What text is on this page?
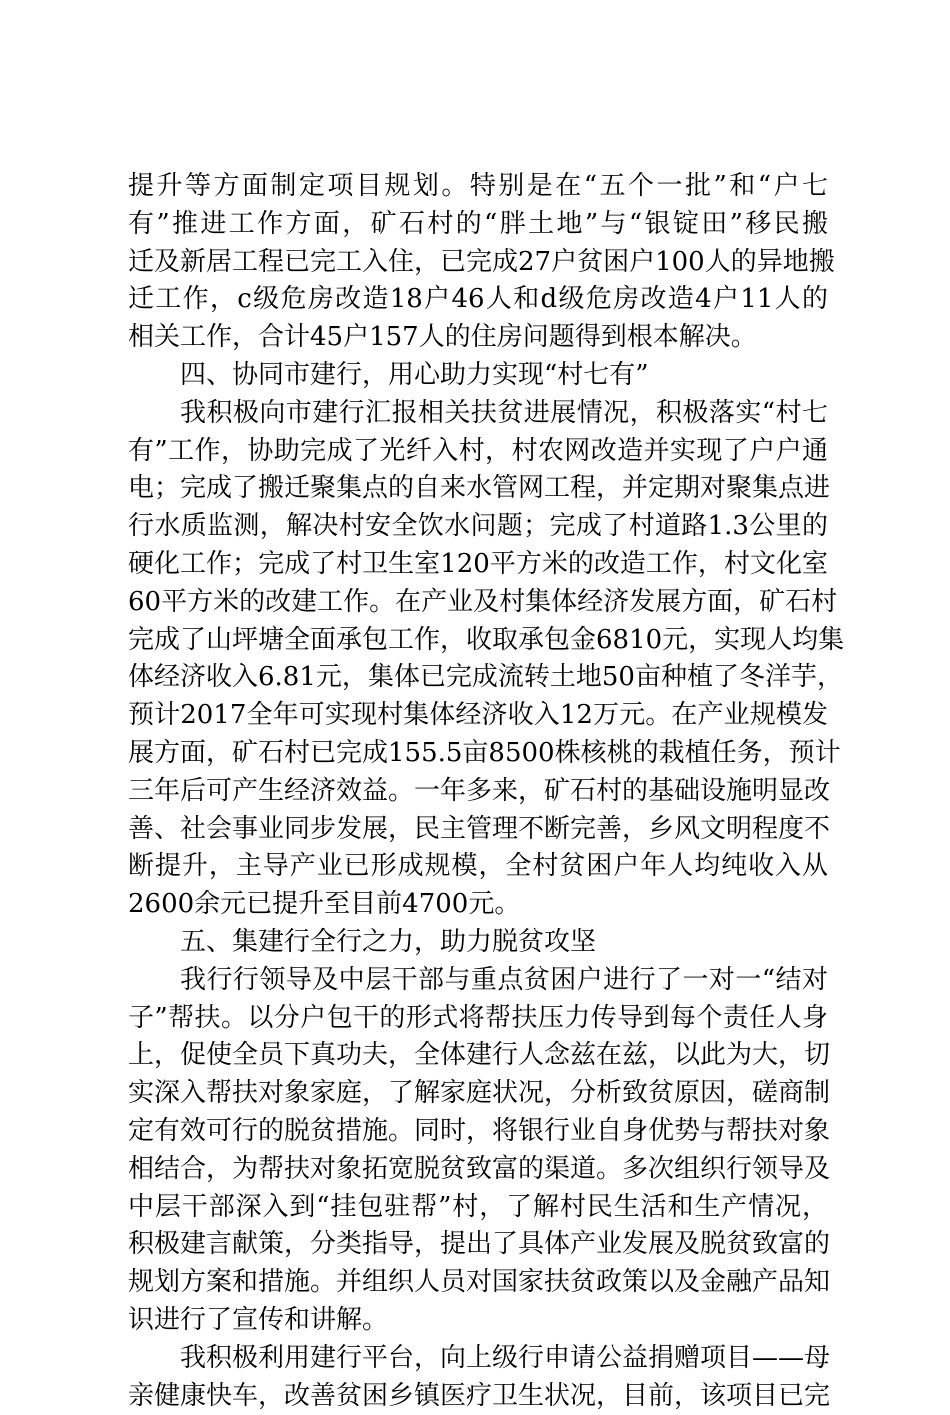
提升等方面制定项目规划。特别是在“五个一批”和“户七
有”推进工作方面，矿石村的“胖土地”与“银锭田”移民搬
迁及新居工程已完工入住，已完成27户贫困户100人的异地搬
迁工作，c级危房改造18户46人和d级危房改造4户11人的
相关工作，合计45户157人的住房问题得到根本解决。
四、协同市建行，用心助力实现“村七有”
我积极向市建行汇报相关扶贫进展情况，积极落实“村七
有”工作，协助完成了光纤入村，村农网改造并实现了户户通
电；完成了搬迁聚集点的自来水管网工程，并定期对聚集点进
行水质监测，解决村安全饮水问题；完成了村道路1.3公里的
硬化工作；完成了村卫生室120平方米的改造工作，村文化室
60平方米的改建工作。在产业及村集体经济发展方面，矿石村
完成了山坪塘全面承包工作，收取承包金6810元，实现人均集
体经济收入6.81元，集体已完成流转土地50亩种植了冬洋芋，
预计2017全年可实现村集体经济收入12万元。在产业规模发
展方面，矿石村已完成155.5亩8500株核桃的栽植任务，预计
三年后可产生经济效益。一年多来，矿石村的基础设施明显改
善、社会事业同步发展，民主管理不断完善，乡风文明程度不
断提升，主导产业已形成规模，全村贫困户年人均纯收入从
2600余元已提升至目前4700元。
五、集建行全行之力，助力脱贫攻坚
我行行领导及中层干部与重点贫困户进行了一对一“结对
子”帮扶。以分户包干的形式将帮扶压力传导到每个责任人身
上，促使全员下真功夫，全体建行人念兹在兹，以此为大，切
实深入帮扶对象家庭，了解家庭状况，分析致贫原因，磋商制
定有效可行的脱贫措施。同时，将银行业自身优势与帮扶对象
相结合，为帮扶对象拓宽脱贫致富的渠道。多次组织行领导及
中层干部深入到“挂包驻帮”村，了解村民生活和生产情况，
积极建言献策，分类指导，提出了具体产业发展及脱贫致富的
规划方案和措施。并组织人员对国家扶贫政策以及金融产品知
识进行了宣传和讲解。
我积极利用建行平台，向上级行申请公益捐赠项目——母
亲健康快车，改善贫困乡镇医疗卫生状况，目前，该项目已完
